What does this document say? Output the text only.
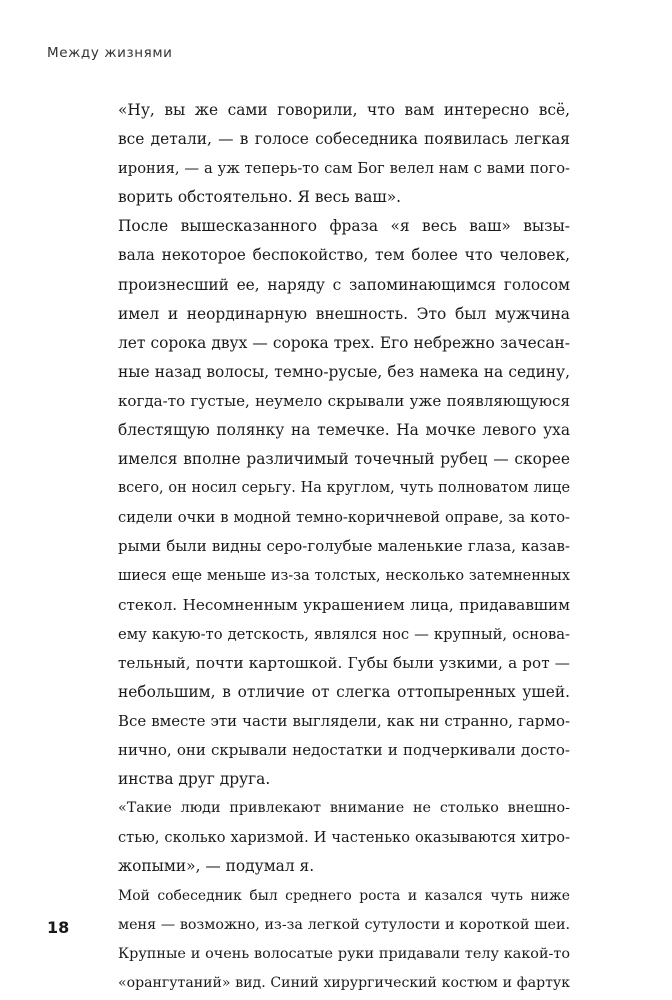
Между жизнями

«Ну, вы же сами говорили, что вам интересно всё,
все детали, — в голосе собеседника появилась легкая
ирония, — а уж теперь-то сам Бог велел нам с вами пого-
ворить обстоятельно. Я весь ваш».

После вышесказанного фраза «я весь ваш» вызы-
вала некоторое беспокойство, тем более что человек,
произнесший ее, наряду с запоминающимся голосом
имел и неординарную внешность. Это был мужчина
лет сорока двух — сорока трех. Его небрежно зачесан-
ные назад волосы, темно-русые, без намека на седину,
когда-то густые, неумело скрывали уже появляющуюся
блестящую полянку на темечке. На мочке левого уха
имелся вполне различимый точечный рубец — скорее
всего, он носил серьгу. На круглом, чуть полноватом лице
сидели очки в модной темно-коричневой оправе, за кото-
рыми были видны серо-голубые маленькие глаза, казав-
шиеся еще меньше из-за толстых, несколько затемненных
стекол. Несомненным украшением лица, придававшим
ему какую-то детскость, являлся нос — крупный, основа-
тельный, почти картошкой. Губы были узкими, а рот —
небольшим, в отличие от слегка оттопыренных ушей.
Все вместе эти части выглядели, как ни странно, гармо-
нично, они скрывали недостатки и подчеркивали досто-
инства друг друга.

«Такие люди привлекают внимание не столько внешно-
стью, сколько харизмой. И частенько оказываются хитро-
жопыми», — подумал я.

Мой собеседник был среднего роста и казался чуть ниже
меня — возможно, из-за легкой сутулости и короткой шеи.
Крупные и очень волосатые руки придавали телу какой-то
«орангутаний» вид. Синий хирургический костюм и фартук

18
